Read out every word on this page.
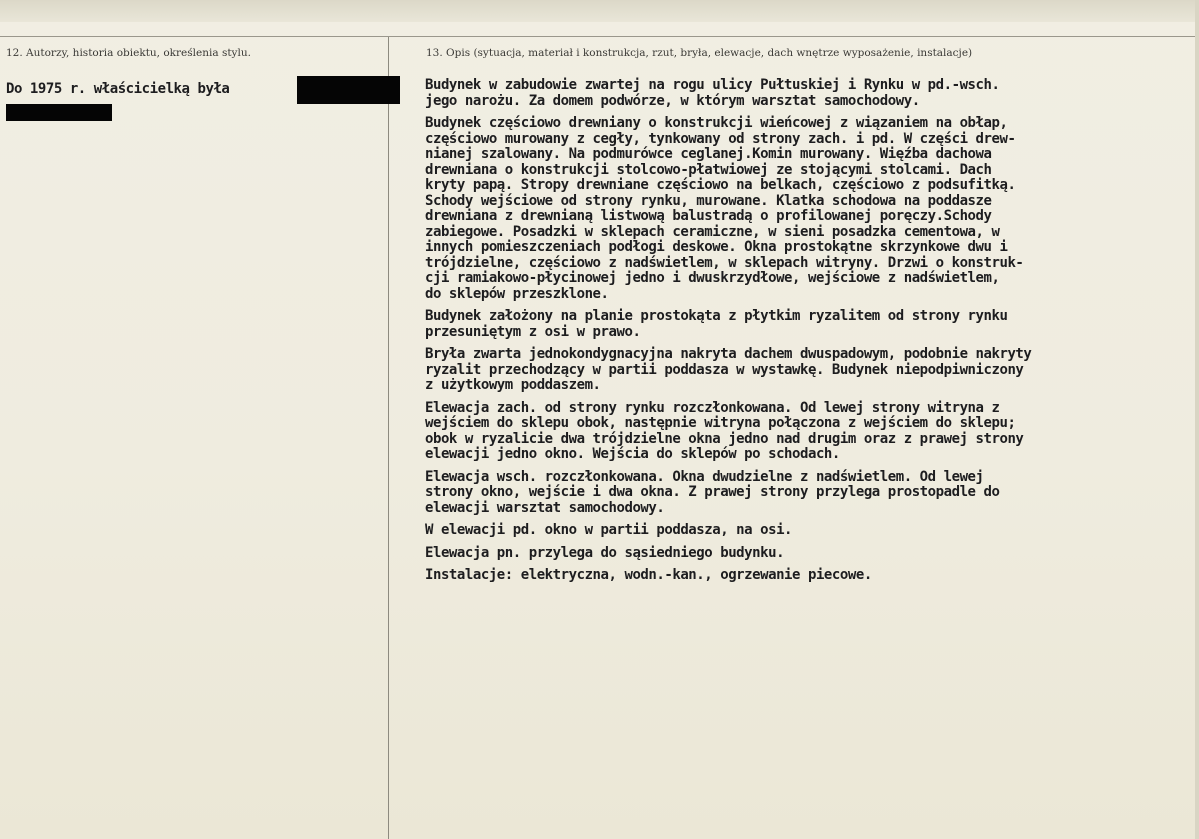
12. Autorzy, historia obiektu, określenia stylu.	13. Opis (sytuacja, materiał i konstrukcja, rzut, bryła, elewacje, dach wnętrze wyposażenie, instalacje)
Do 1975 r. właścicielką była	Budynek w zabudowie zwartej na rogu ulicy Pułtuskiej i Rynku w pd.-wsch.
jego narożu. Za domem podwórze, w którym warsztat samochodowy.

Budynek częściowo drewniany o konstrukcji wieńcowej z wiązaniem na obłap,
częściowo murowany z cegły, tynkowany od strony zach. i pd. W części drew-
nianej szalowany. Na podmurówce ceglanej.Komin murowany. Więźba dachowa
drewniana o konstrukcji stolcowo-płatwiowej ze stojącymi stolcami. Dach
kryty papą. Stropy drewniane częściowo na belkach, częściowo z podsufitką.
Schody wejściowe od strony rynku, murowane. Klatka schodowa na poddasze
drewniana z drewnianą listwową balustradą o profilowanej poręczy.Schody
zabiegowe. Posadzki w sklepach ceramiczne, w sieni posadzka cementowa, w
innych pomieszczeniach podłogi deskowe. Okna prostokątne skrzynkowe dwu i
trójdzielne, częściowo z nadświetlem, w sklepach witryny. Drzwi o konstruk-
cji ramiakowo-płycinowej jedno i dwuskrzydłowe, wejściowe z nadświetlem,
do sklepów przeszklone.

Budynek założony na planie prostokąta z płytkim ryzalitem od strony rynku
przesuniętym z osi w prawo.

Bryła zwarta jednokondygnacyjna nakryta dachem dwuspadowym, podobnie nakryty
ryzalit przechodzący w partii poddasza w wystawkę. Budynek niepodpiwniczony
z użytkowym poddaszem.

Elewacja zach. od strony rynku rozczłonkowana. Od lewej strony witryna z
wejściem do sklepu obok, następnie witryna połączona z wejściem do sklepu;
obok w ryzalicie dwa trójdzielne okna jedno nad drugim oraz z prawej strony
elewacji jedno okno. Wejścia do sklepów po schodach.

Elewacja wsch. rozczłonkowana. Okna dwudzielne z nadświetlem. Od lewej
strony okno, wejście i dwa okna. Z prawej strony przylega prostopadle do
elewacji warsztat samochodowy.

W elewacji pd. okno w partii poddasza, na osi.

Elewacja pn. przylega do sąsiedniego budynku.

Instalacje: elektryczna, wodn.-kan., ogrzewanie piecowe.
